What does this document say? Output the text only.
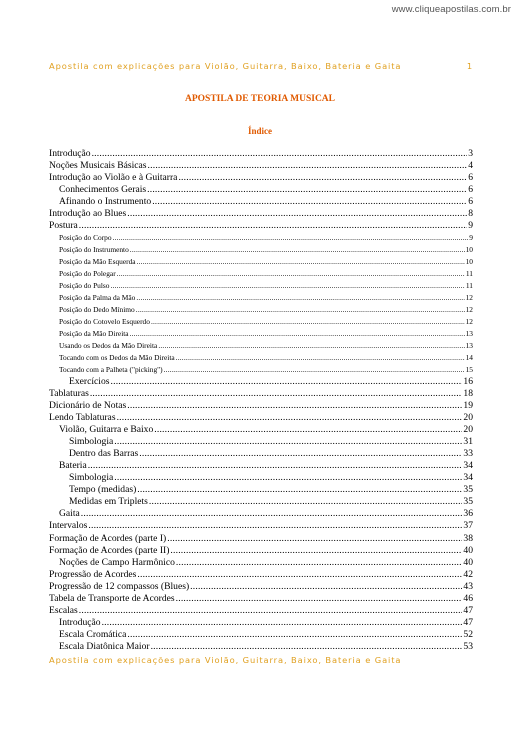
www.cliqueapostilas.com.br
Apostila com explicações para Violão, Guitarra, Baixo, Bateria e Gaita	1
APOSTILA DE TEORIA MUSICAL
Índice
Introdução .....	3
Noções Musicais Básicas .....	4
Introdução ao Violão e à Guitarra .....	6
Conhecimentos Gerais .....	6
Afinando o Instrumento .....	6
Introdução ao Blues .....	8
Postura .....	9
Posição do Corpo .....	9
Posição do Instrumento .....	10
Posição da Mão Esquerda .....	10
Posição do Polegar .....	11
Posição do Pulso .....	11
Posição da Palma da Mão .....	12
Posição do Dedo Mínimo .....	12
Posição do Cotovelo Esquerdo .....	12
Posição da Mão Direita .....	13
Usando os Dedos da Mão Direita .....	13
Tocando com os Dedos da Mão Direita .....	14
Tocando com a Palheta ("picking") .....	15
Exercícios .....	16
Tablaturas .....	18
Dicionário de Notas .....	19
Lendo Tablaturas .....	20
Violão, Guitarra e Baixo .....	20
Simbologia .....	31
Dentro das Barras .....	33
Bateria .....	34
Simbologia .....	34
Tempo (medidas) .....	35
Medidas em Triplets .....	35
Gaita .....	36
Intervalos .....	37
Formação de Acordes (parte I) .....	38
Formação de Acordes (parte II) .....	40
Noções de Campo Harmônico .....	40
Progressão de Acordes .....	42
Progressão de 12 compassos (Blues) .....	43
Tabela de Transporte de Acordes .....	46
Escalas .....	47
Introdução .....	47
Escala Cromática .....	52
Escala Diatônica Maior .....	53
Apostila com explicações para Violão, Guitarra, Baixo, Bateria e Gaita
